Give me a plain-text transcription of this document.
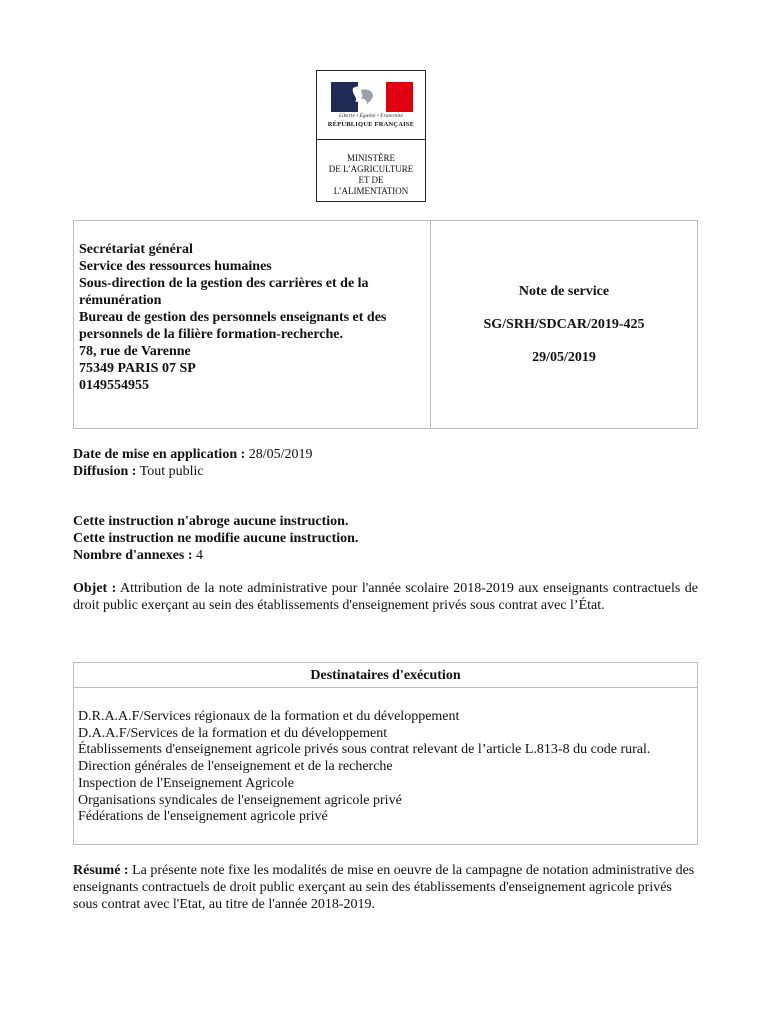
Liberté • Égalité • Fraternité
RÉPUBLIQUE FRANÇAISE
MINISTÈRE
DE L’AGRICULTURE
ET DE
L’ALIMENTATION
Secrétariat général
Service des ressources humaines
Sous-direction de la gestion des carrières et de la rémunération
Bureau de gestion des personnels enseignants et des personnels de la filière formation-recherche.
78, rue de Varenne
75349 PARIS 07 SP
0149554955
Note de service
SG/SRH/SDCAR/2019-425
29/05/2019
Date de mise en application : 28/05/2019
Diffusion : Tout public
Cette instruction n'abroge aucune instruction.
Cette instruction ne modifie aucune instruction.
Nombre d'annexes : 4
Objet : Attribution de la note administrative pour l'année scolaire 2018-2019 aux enseignants contractuels de droit public exerçant au sein des établissements d'enseignement privés sous contrat avec l’État.
Destinataires d'exécution
D.R.A.A.F/Services régionaux de la formation et du développement
D.A.A.F/Services de la formation et du développement
Établissements d'enseignement agricole privés sous contrat relevant de l’article L.813-8 du code rural.
Direction générales de l'enseignement et de la recherche
Inspection de l'Enseignement Agricole
Organisations syndicales de l'enseignement agricole privé
Fédérations de l'enseignement agricole privé
Résumé : La présente note fixe les modalités de mise en oeuvre de la campagne de notation administrative des enseignants contractuels de droit public exerçant au sein des établissements d'enseignement agricole privés sous contrat avec l'Etat, au titre de l'année 2018-2019.
